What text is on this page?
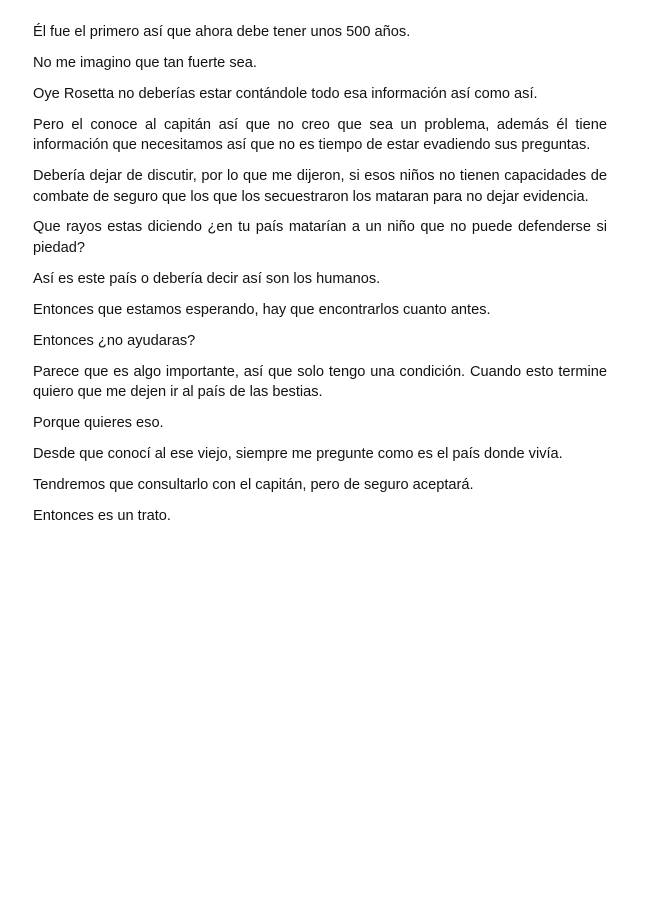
Él fue el primero así que ahora debe tener unos 500 años.

No me imagino que tan fuerte sea.

Oye Rosetta no deberías estar contándole todo esa información así como así.

Pero el conoce al capitán así que no creo que sea un problema, además él tiene información que necesitamos así que no es tiempo de estar evadiendo sus preguntas.

Debería dejar de discutir, por lo que me dijeron, si esos niños no tienen capacidades de combate de seguro que los que los secuestraron los mataran para no dejar evidencia.

Que rayos estas diciendo ¿en tu país matarían a un niño que no puede defenderse si piedad?

Así es este país o debería decir así son los humanos.

Entonces que estamos esperando, hay que encontrarlos cuanto antes.

Entonces ¿no ayudaras?

Parece que es algo importante, así que solo tengo una condición. Cuando esto termine quiero que me dejen ir al país de las bestias.

Porque quieres eso.

Desde que conocí al ese viejo, siempre me pregunte como es el país donde vivía.

Tendremos que consultarlo con el capitán, pero de seguro aceptará.

Entonces es un trato.
